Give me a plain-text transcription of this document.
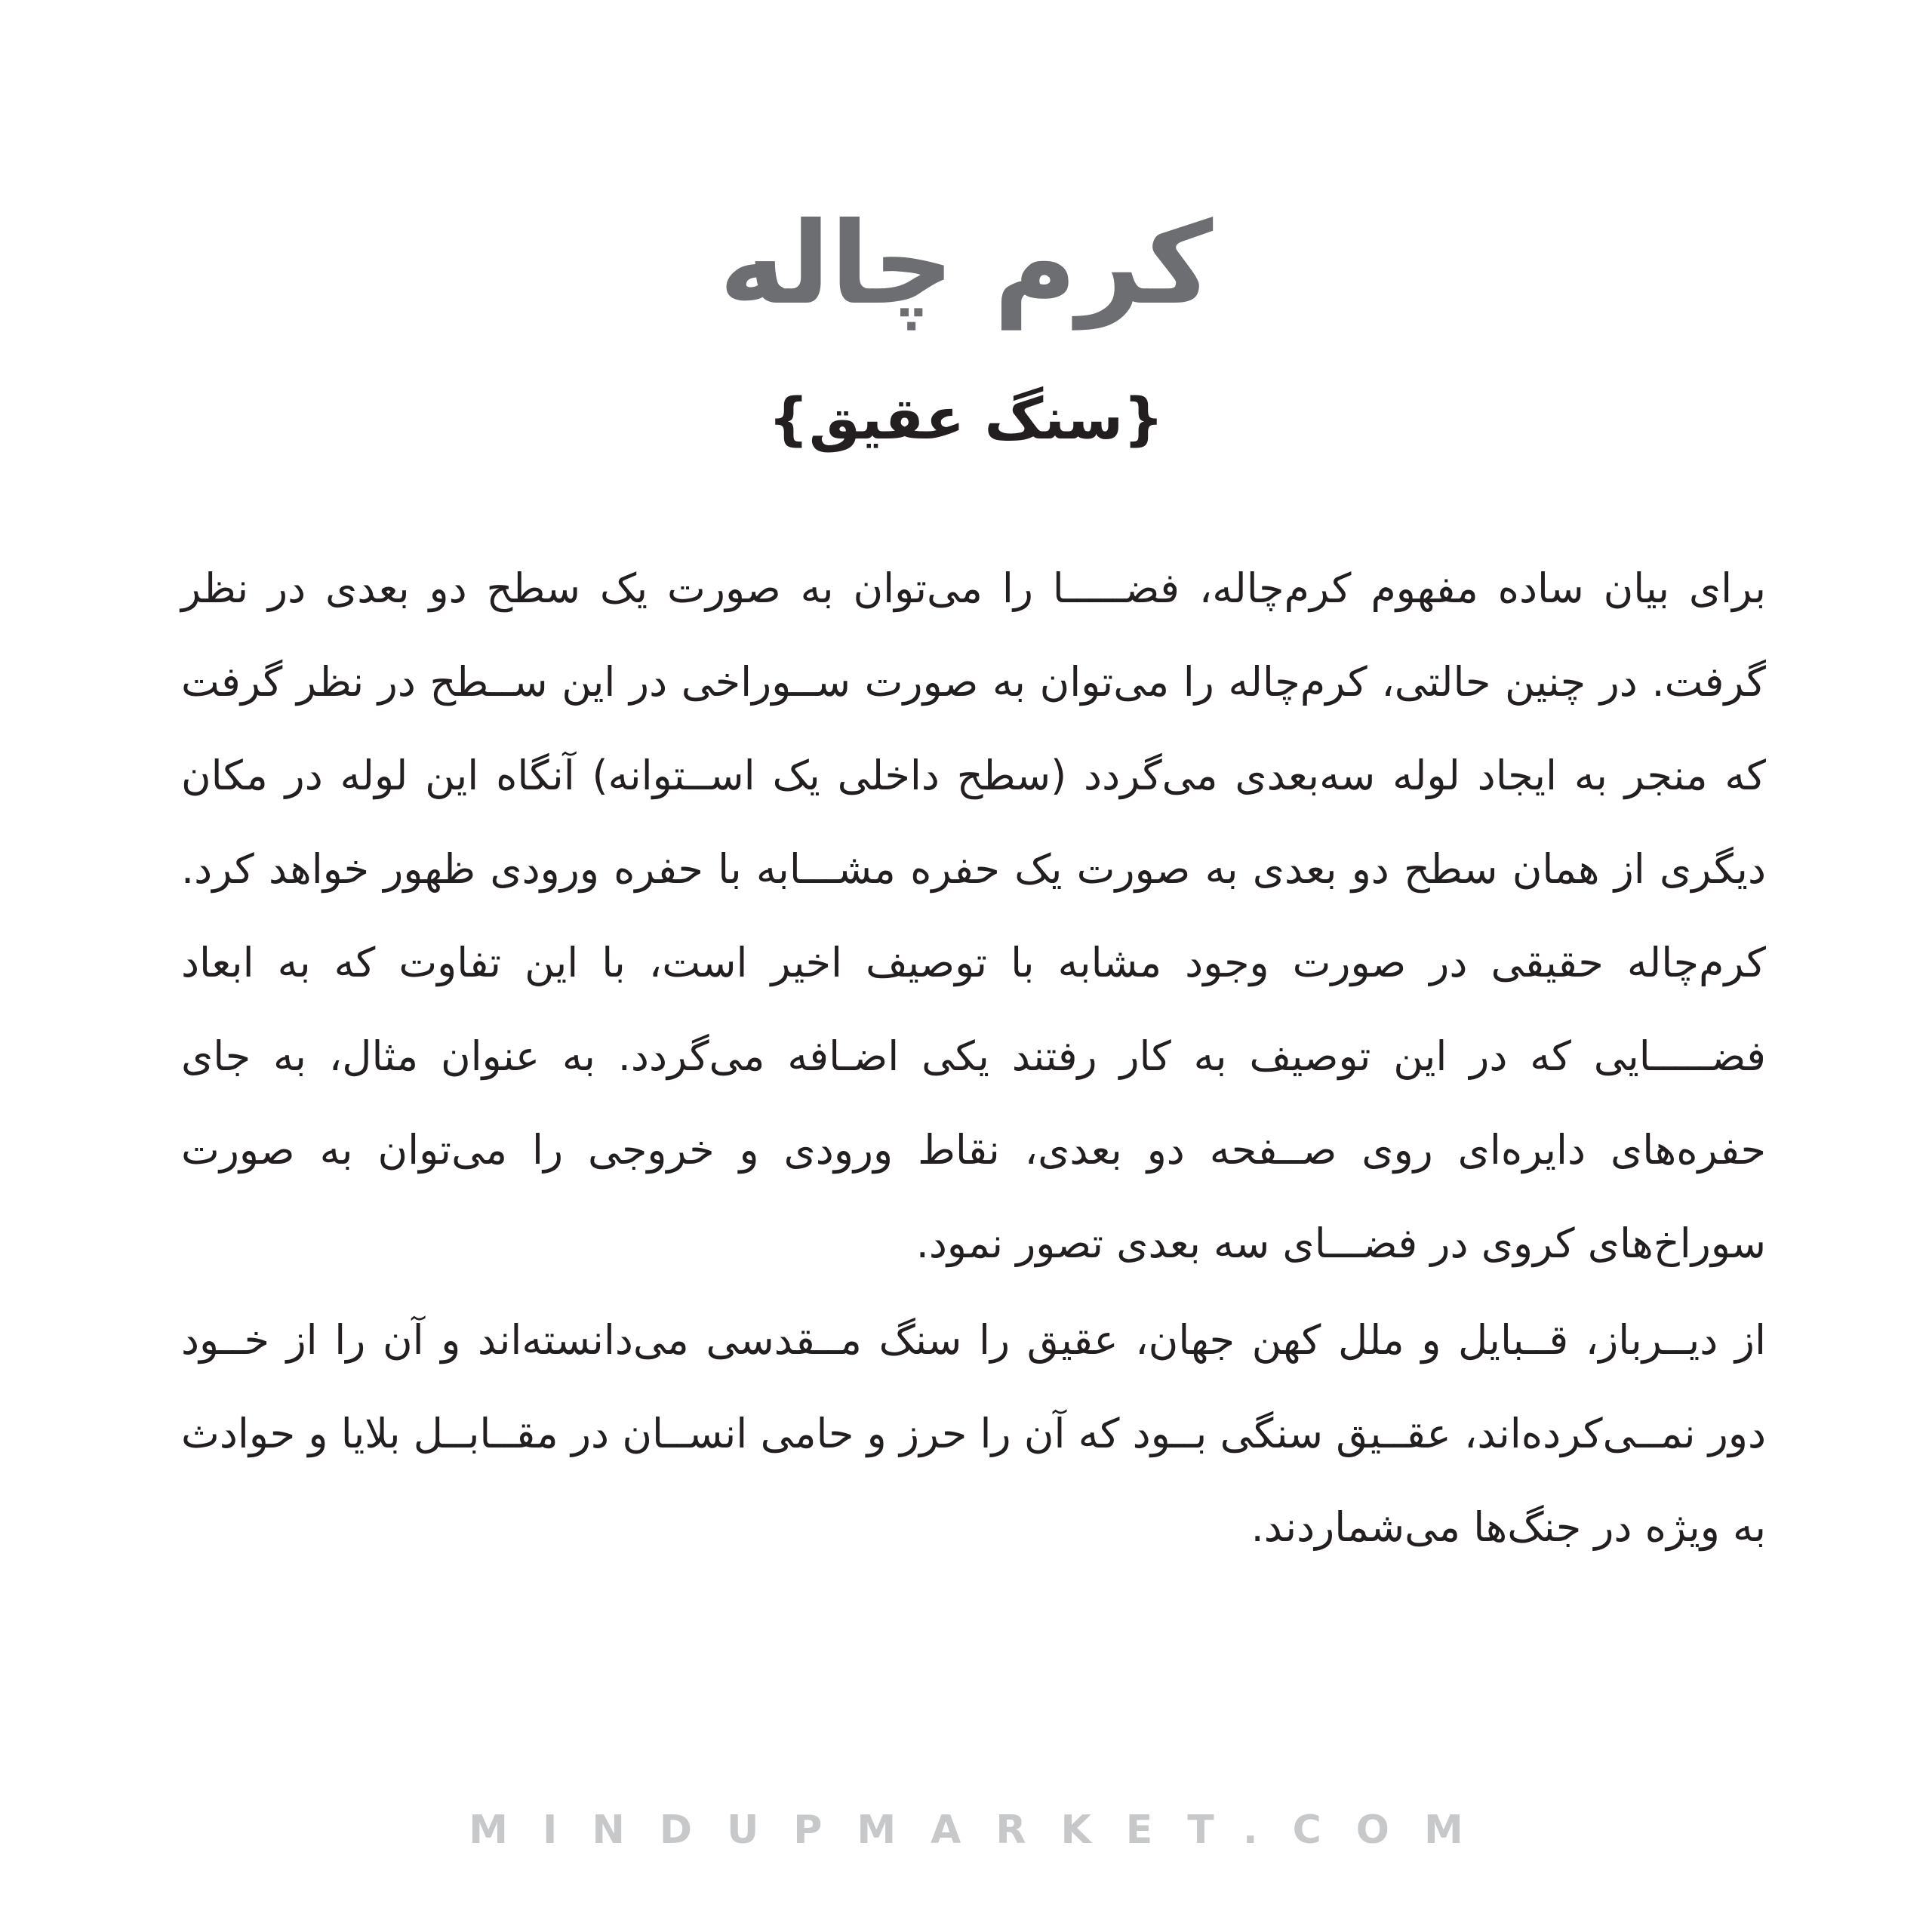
کرم چاله
{سنگ عقیق}

برای بیان ساده مفهوم کرم‌چاله، فضـــــا را می‌توان به صورت یک سطح دو بعدی در نظر گرفت. در چنین حالتی، کرم‌چاله را می‌توان به صورت ســوراخی در این ســطح در نظر گرفت که منجر به ایجاد لوله سه‌بعدی می‌گردد (سطح داخلی یک اســتوانه) آنگاه این لوله در مکان دیگری از همان سطح دو بعدی به صورت یک حفره مشـــابه با حفره ورودی ظهور خواهد کرد. کرم‌چاله حقیقی در صورت وجود مشابه با توصیف اخیر است، با این تفاوت که به ابعاد فضـــــایی که در این توصیف به کار رفتند یکی اضـافه می‌گردد. به عنوان مثال، به جای حفره‌های دایره‌ای روی صــفحه دو بعدی، نقاط ورودی و خروجی را می‌توان به صورت سوراخ‌های کروی در فضـــای سه بعدی تصور نمود.

از دیــرباز، قــبایل و ملل کهن جهان، عقیق را سنگ مــقدسی می‌دانسته‌اند و آن را از خــود دور نمــی‌کرده‌اند، عقــیق سنگی بــود که آن را حرز و حامی انســان در مقــابــل بلایا و حوادث به ویژه در جنگ‌ها می‌شماردند.

MINDUPMARKET.COM
